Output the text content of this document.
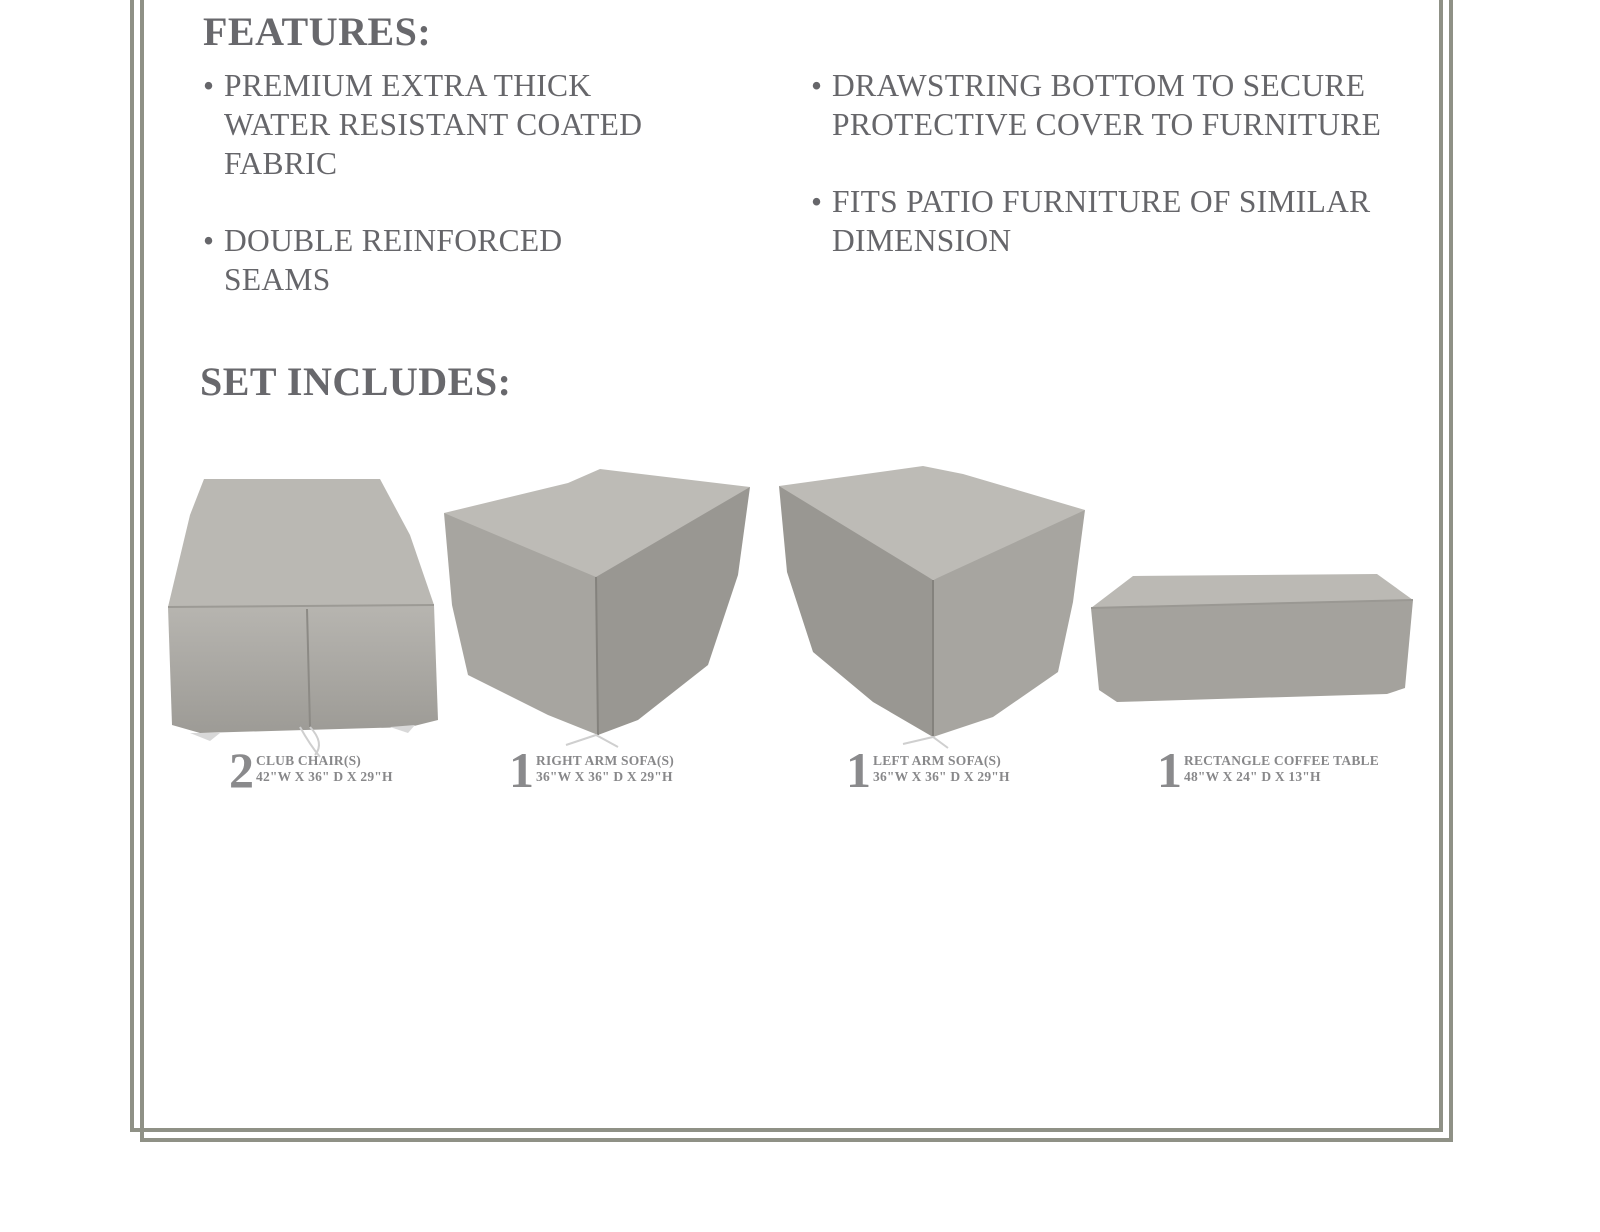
FEATURES:
• PREMIUM EXTRA THICK WATER RESISTANT COATED FABRIC
• DOUBLE REINFORCED SEAMS
• DRAWSTRING BOTTOM TO SECURE PROTECTIVE COVER TO FURNITURE
• FITS PATIO FURNITURE OF SIMILAR DIMENSION
SET INCLUDES:
2 CLUB CHAIR(S)
42"W X 36" D X 29"H 1 RIGHT ARM SOFA(S)
36"W X 36" D X 29"H	1 LEFT ARM SOFA(S)
36"W X 36" D X 29"H	1 RECTANGLE COFFEE TABLE
48"W X 24" D X 13"H
